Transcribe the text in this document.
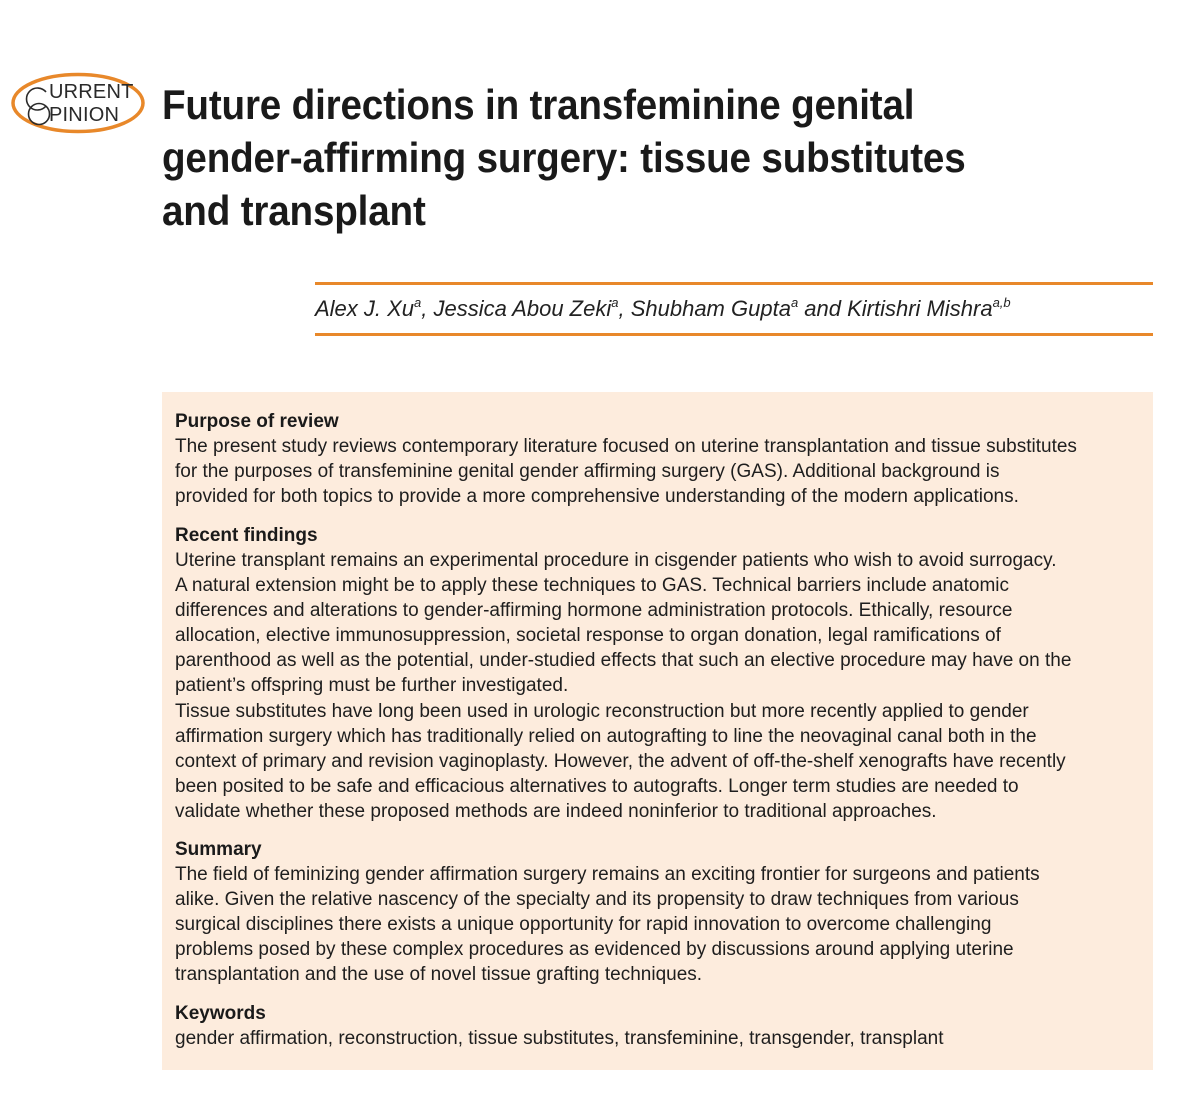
URRENT
PINION Future directions in transfeminine genital
gender-affirming surgery: tissue substitutes
and transplant
Alex J. Xu$^a$, Jessica Abou Zeki$^a$, Shubham Gupta$^a$ and Kirtishri Mishra$^{a,b}$
Purpose of review

The present study reviews contemporary literature focused on uterine transplantation and tissue substitutes
for the purposes of transfeminine genital gender affirming surgery (GAS). Additional background is
provided for both topics to provide a more comprehensive understanding of the modern applications.

Recent findings

Uterine transplant remains an experimental procedure in cisgender patients who wish to avoid surrogacy.
A natural extension might be to apply these techniques to GAS. Technical barriers include anatomic
differences and alterations to gender-affirming hormone administration protocols. Ethically, resource
allocation, elective immunosuppression, societal response to organ donation, legal ramifications of
parenthood as well as the potential, under-studied effects that such an elective procedure may have on the
patient’s offspring must be further investigated.
Tissue substitutes have long been used in urologic reconstruction but more recently applied to gender
affirmation surgery which has traditionally relied on autografting to line the neovaginal canal both in the
context of primary and revision vaginoplasty. However, the advent of off-the-shelf xenografts have recently
been posited to be safe and efficacious alternatives to autografts. Longer term studies are needed to
validate whether these proposed methods are indeed noninferior to traditional approaches.

Summary

The field of feminizing gender affirmation surgery remains an exciting frontier for surgeons and patients
alike. Given the relative nascency of the specialty and its propensity to draw techniques from various
surgical disciplines there exists a unique opportunity for rapid innovation to overcome challenging
problems posed by these complex procedures as evidenced by discussions around applying uterine
transplantation and the use of novel tissue grafting techniques.

Keywords

gender affirmation, reconstruction, tissue substitutes, transfeminine, transgender, transplant
